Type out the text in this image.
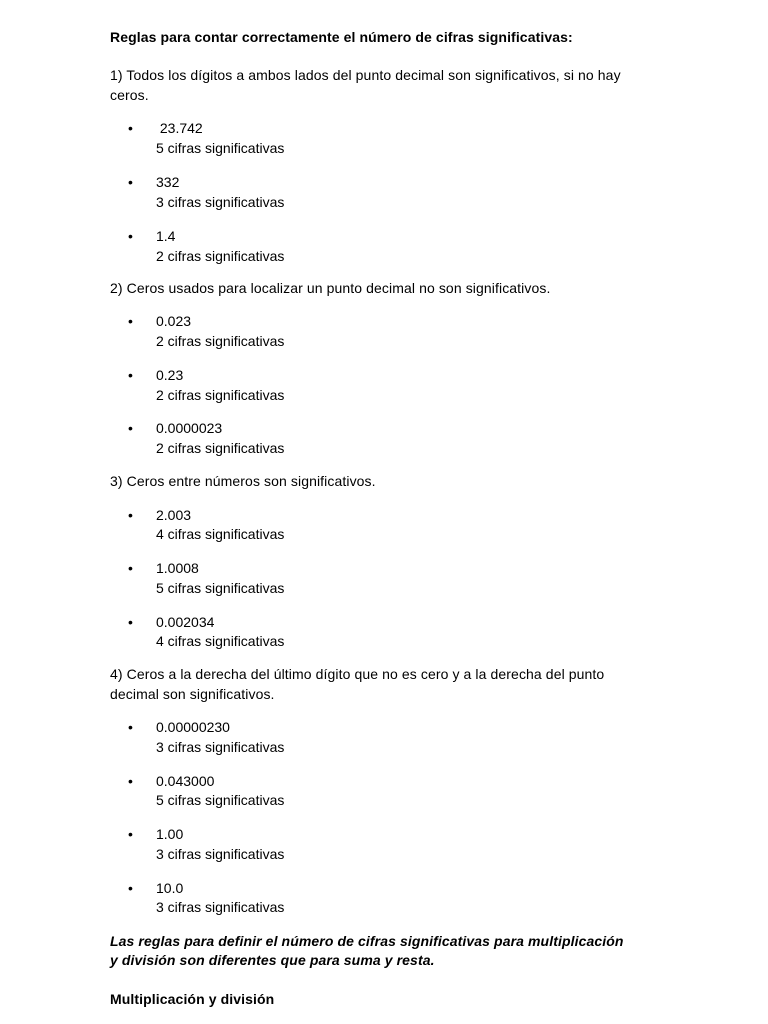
Reglas para contar correctamente el número de cifras significativas:
1) Todos los dígitos a ambos lados del punto decimal son significativos, si no hay
ceros.
• 23.742
5 cifras significativas
• 332
3 cifras significativas
• 1.4
2 cifras significativas
2) Ceros usados para localizar un punto decimal no son significativos.
• 0.023
2 cifras significativas
• 0.23
2 cifras significativas
• 0.0000023
2 cifras significativas
3) Ceros entre números son significativos.
• 2.003
4 cifras significativas
• 1.0008
5 cifras significativas
• 0.002034
4 cifras significativas
4) Ceros a la derecha del último dígito que no es cero y a la derecha del punto
decimal son significativos.
• 0.00000230
3 cifras significativas
• 0.043000
5 cifras significativas
• 1.00
3 cifras significativas
• 10.0
3 cifras significativas
Las reglas para definir el número de cifras significativas para multiplicación
y división son diferentes que para suma y resta.
Multiplicación y división
